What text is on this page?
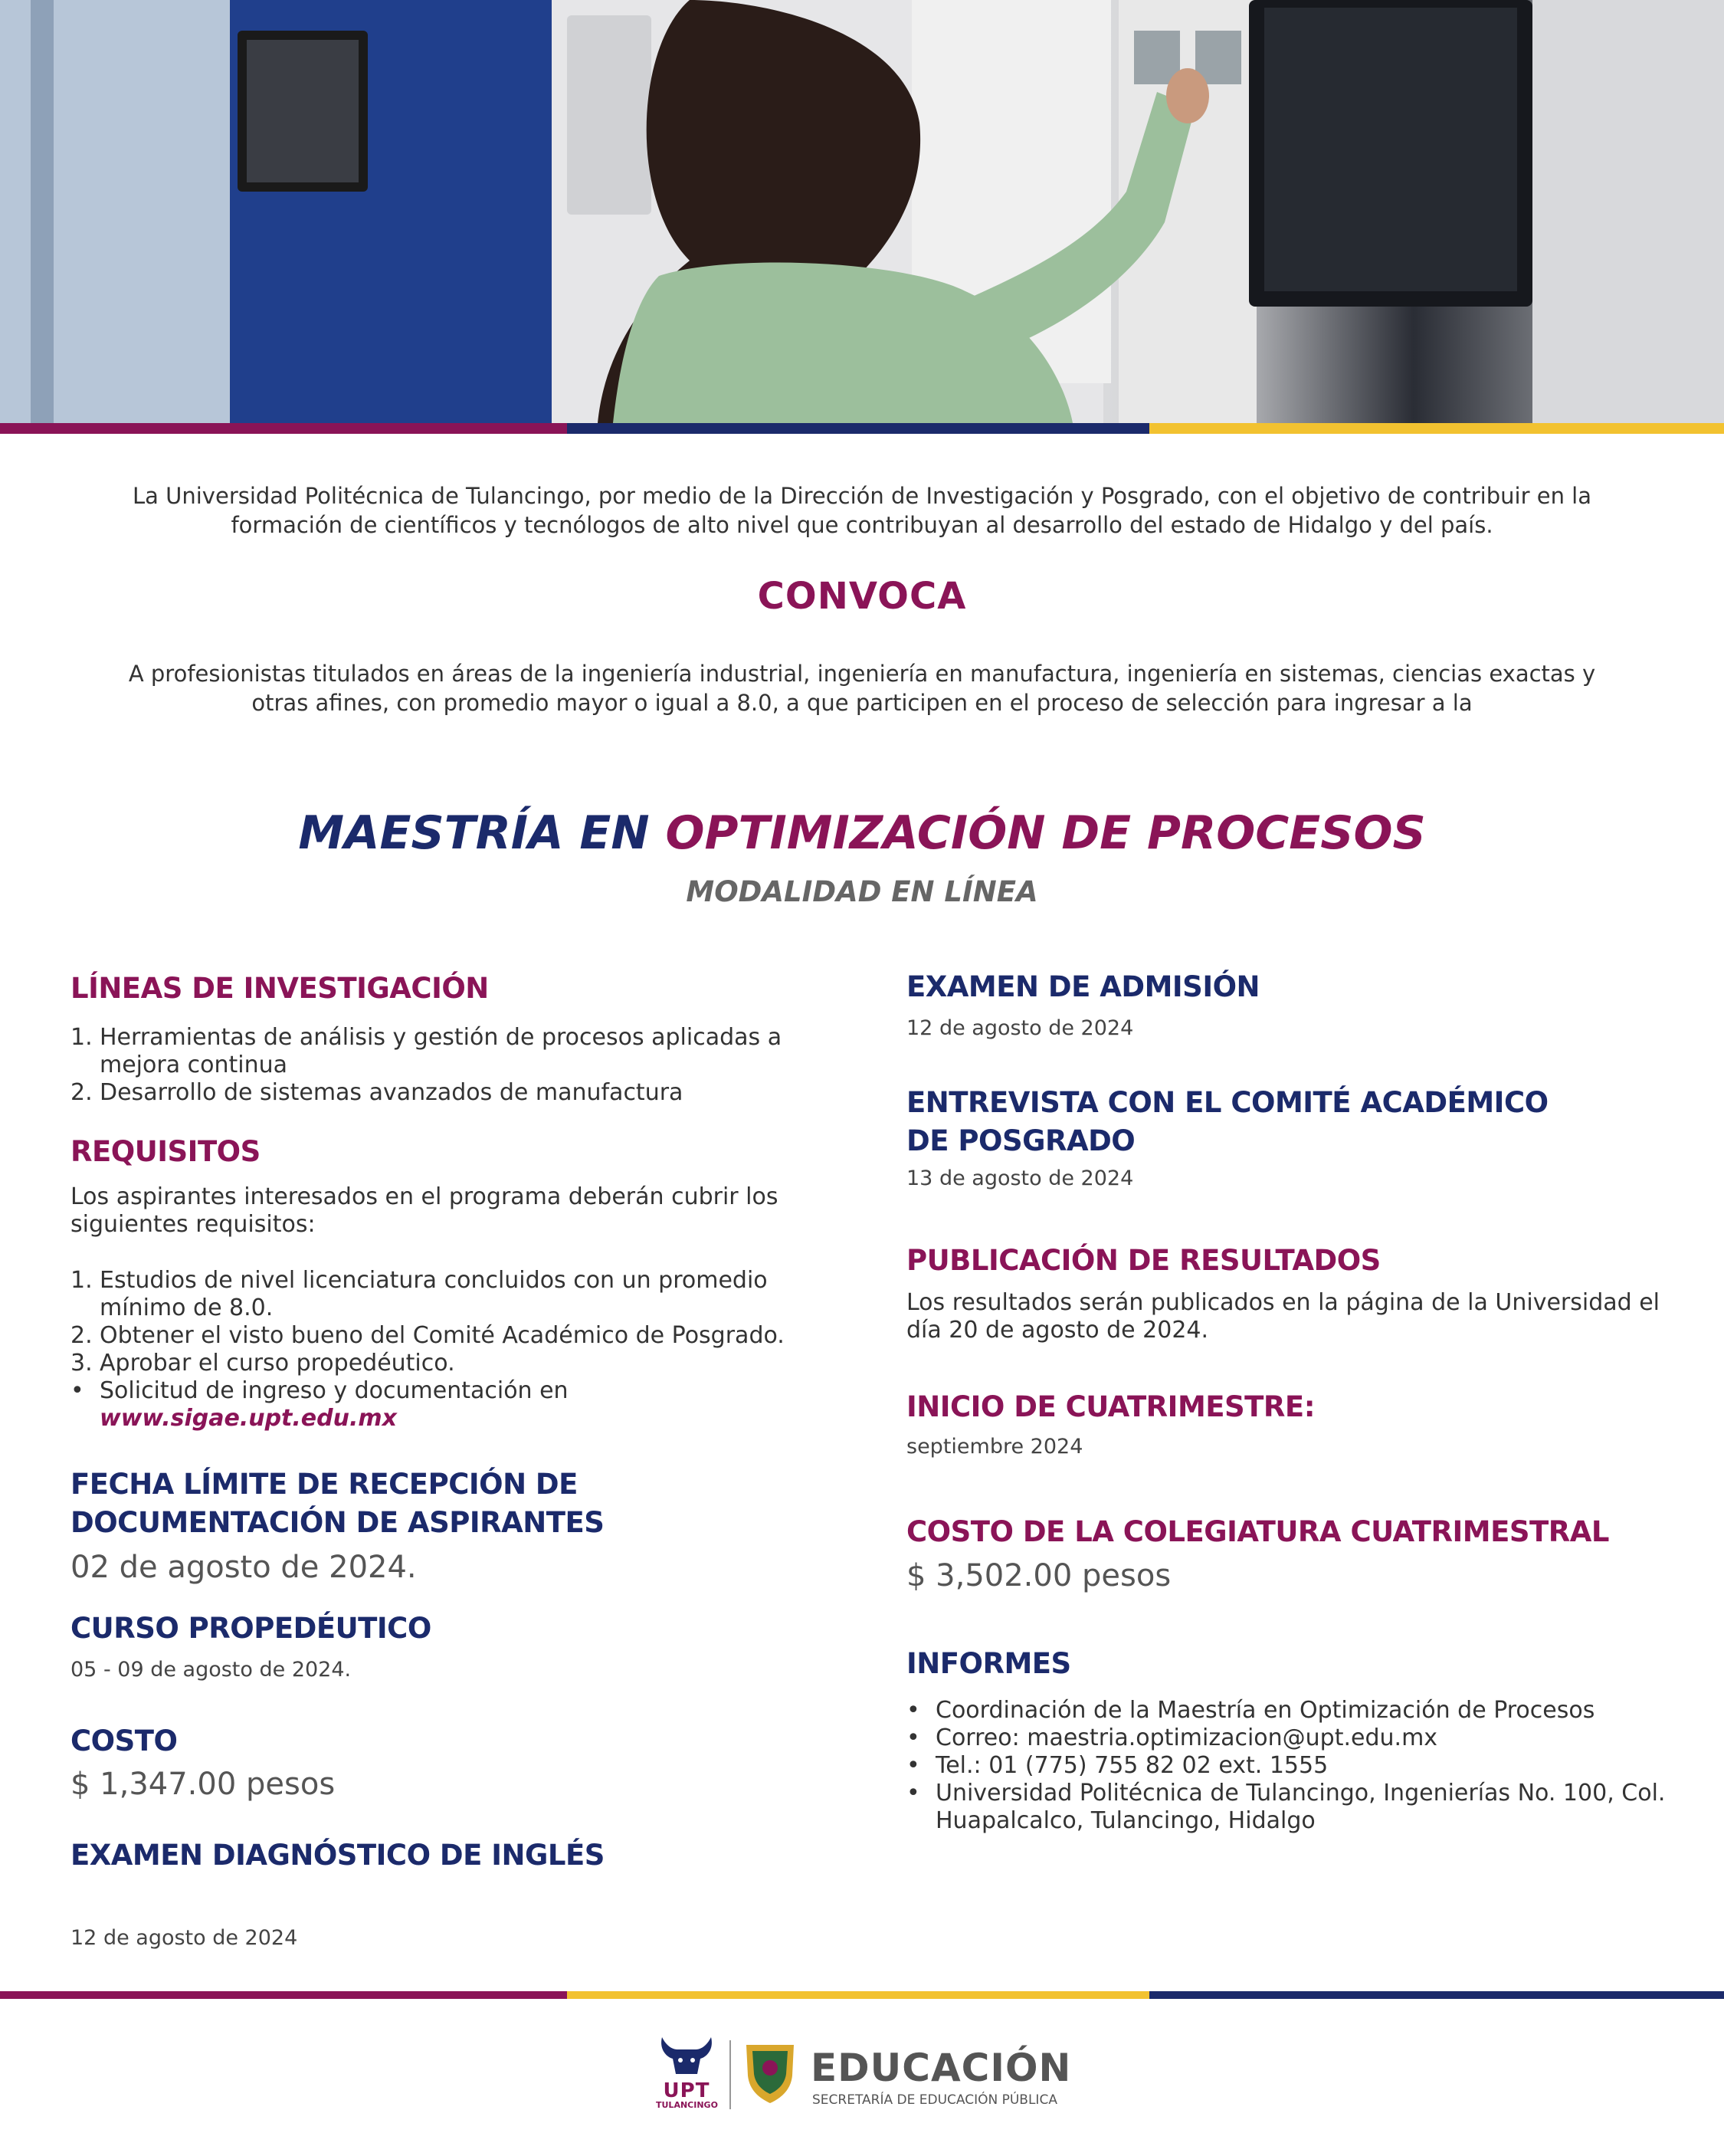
La Universidad Politécnica de Tulancingo, por medio de la Dirección de Investigación y Posgrado, con el objetivo de contribuir en la
formación de científicos y tecnólogos de alto nivel que contribuyan al desarrollo del estado de Hidalgo y del país.
CONVOCA
A profesionistas titulados en áreas de la ingeniería industrial, ingeniería en manufactura, ingeniería en sistemas, ciencias exactas y
otras afines, con promedio mayor o igual a 8.0, a que participen en el proceso de selección para ingresar a la
MAESTRÍA EN OPTIMIZACIÓN DE PROCESOS
MODALIDAD EN LÍNEA
LÍNEAS DE INVESTIGACIÓN
1. Herramientas de análisis y gestión de procesos aplicadas a mejora continua
2. Desarrollo de sistemas avanzados de manufactura
REQUISITOS
Los aspirantes interesados en el programa deberán cubrir los siguientes requisitos:
1. Estudios de nivel licenciatura concluidos con un promedio mínimo de 8.0.
2. Obtener el visto bueno del Comité Académico de Posgrado.
3. Aprobar el curso propedéutico.
• Solicitud de ingreso y documentación en
www.sigae.upt.edu.mx
FECHA LÍMITE DE RECEPCIÓN DE
DOCUMENTACIÓN DE ASPIRANTES
02 de agosto de 2024.
CURSO PROPEDÉUTICO
05 - 09 de agosto de 2024.
COSTO
$ 1,347.00 pesos
EXAMEN DIAGNÓSTICO DE INGLÉS
12 de agosto de 2024
EXAMEN DE ADMISIÓN
12 de agosto de 2024
ENTREVISTA CON EL COMITÉ ACADÉMICO
DE POSGRADO
13 de agosto de 2024
PUBLICACIÓN DE RESULTADOS
Los resultados serán publicados en la página de la Universidad el
día 20 de agosto de 2024.
INICIO DE CUATRIMESTRE:
septiembre 2024
COSTO DE LA COLEGIATURA CUATRIMESTRAL
$ 3,502.00 pesos
INFORMES
• Coordinación de la Maestría en Optimización de Procesos
• Correo: maestria.optimizacion@upt.edu.mx
• Tel.: 01 (775) 755 82 02 ext. 1555
• Universidad Politécnica de Tulancingo, Ingenierías No. 100, Col. Huapalcalco, Tulancingo, Hidalgo
UPT
TULANCINGO
EDUCACIÓN
SECRETARÍA DE EDUCACIÓN PÚBLICA
